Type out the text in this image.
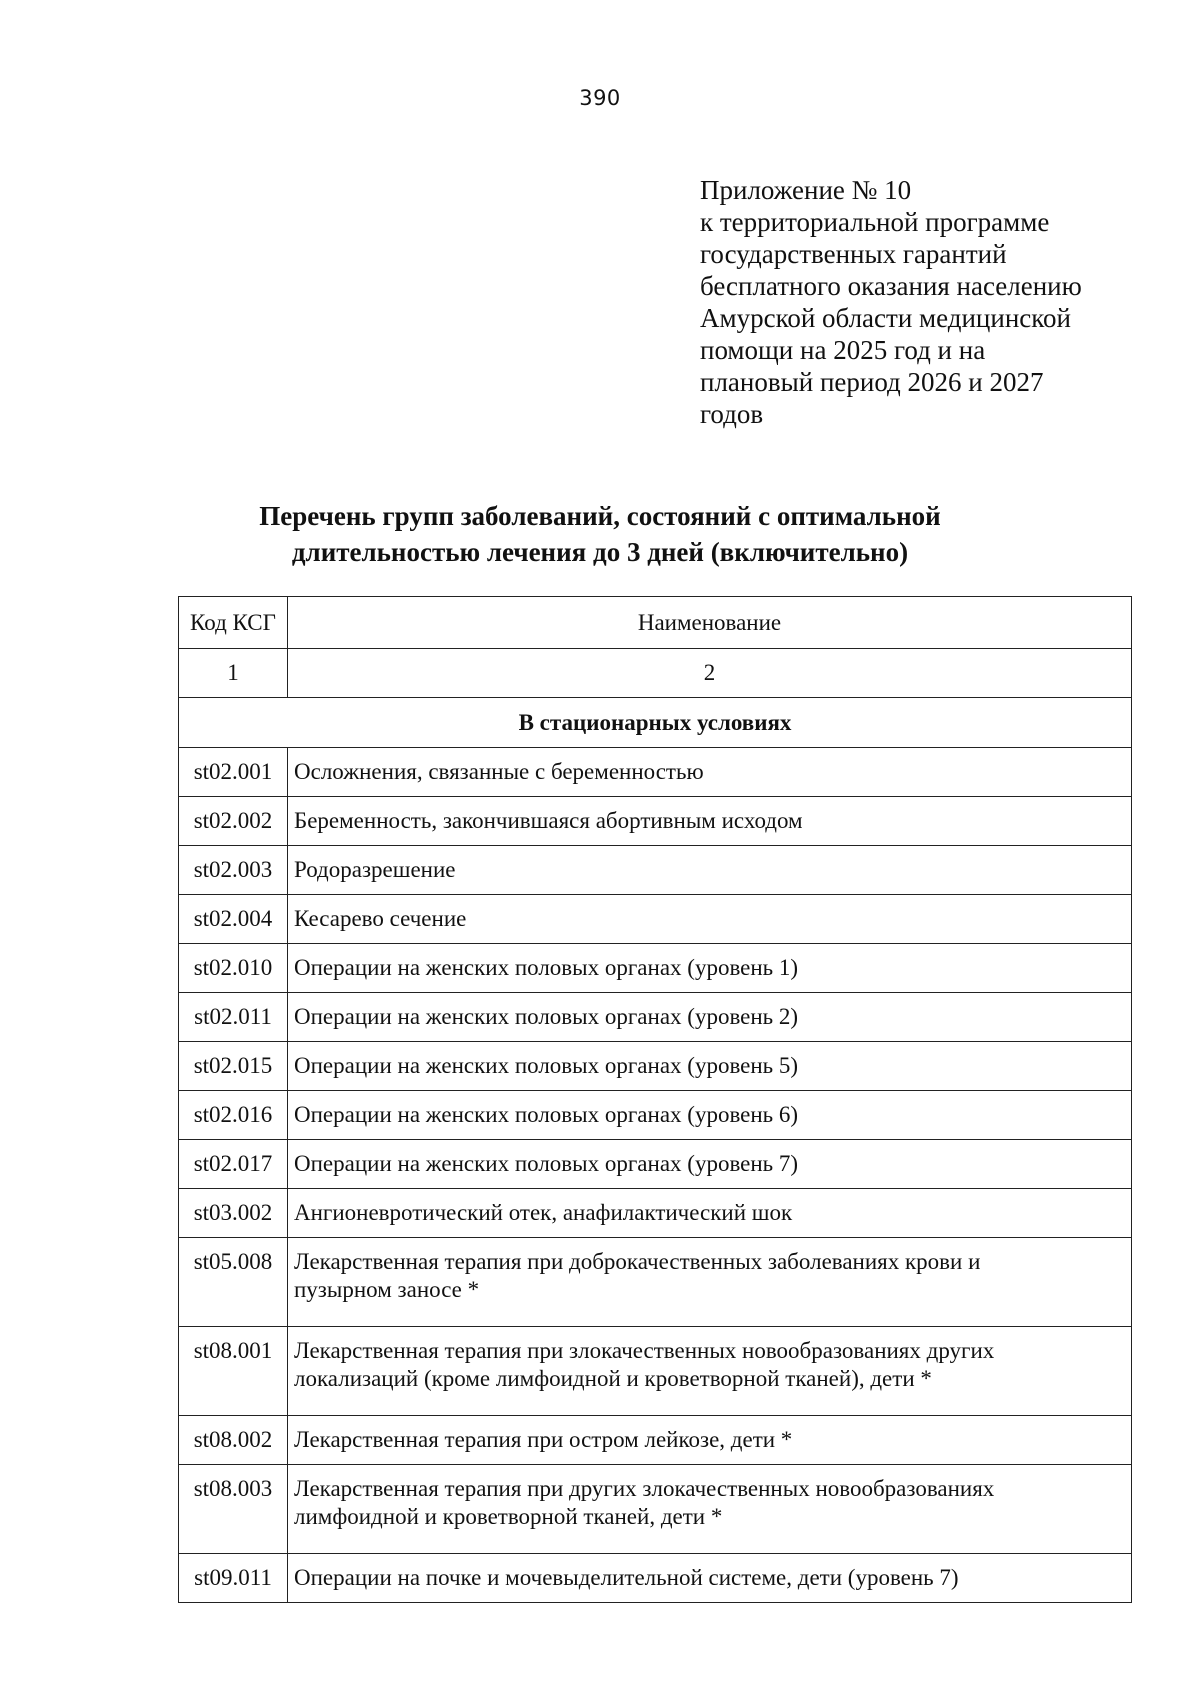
390
Приложение № 10
к территориальной программе
государственных гарантий
бесплатного оказания населению
Амурской области медицинской
помощи на 2025 год и на
плановый период 2026 и 2027
годов
Перечень групп заболеваний, состояний с оптимальной
длительностью лечения до 3 дней (включительно)
Код КСГ	Наименование
1	2
В стационарных условиях	
st02.001	Осложнения, связанные с беременностью
st02.002	Беременность, закончившаяся абортивным исходом
st02.003	Родоразрешение
st02.004	Кесарево сечение
st02.010	Операции на женских половых органах (уровень 1)
st02.011	Операции на женских половых органах (уровень 2)
st02.015	Операции на женских половых органах (уровень 5)
st02.016	Операции на женских половых органах (уровень 6)
st02.017	Операции на женских половых органах (уровень 7)
st03.002	Ангионевротический отек, анафилактический шок
st05.008	Лекарственная терапия при доброкачественных заболеваниях крови и
пузырном заносе *

st08.001	Лекарственная терапия при злокачественных новообразованиях других
локализаций (кроме лимфоидной и кроветворной тканей), дети *

st08.002	Лекарственная терапия при остром лейкозе, дети *
st08.003	Лекарственная терапия при других злокачественных новообразованиях
лимфоидной и кроветворной тканей, дети *

st09.011	Операции на почке и мочевыделительной системе, дети (уровень 7)
